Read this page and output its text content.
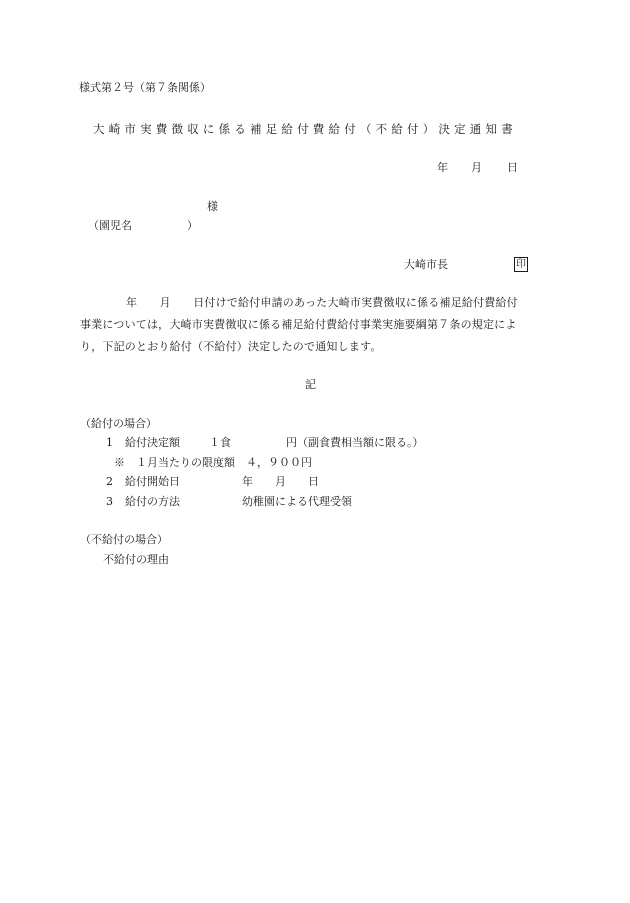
様式第２号（第７条関係）
大崎市実費徴収に係る補足給付費給付（不給付）決定通知書
年 月 日
様
（園児名　　　　　）
大崎市長	印
年　　月　　日付けで給付申請のあった大崎市実費徴収に係る補足給付費給付
事業については，大崎市実費徴収に係る補足給付費給付事業実施要綱第７条の規定によ
り，下記のとおり給付（不給付）決定したので通知します。
記
（給付の場合）
1 給付決定額	１食　　　　　円（副食費相当額に限る。）
※　１月当たりの限度額　４，９００円
2 給付開始日	年　　月　　日
3 給付の方法	幼稚園による代理受領
（不給付の場合）
不給付の理由
